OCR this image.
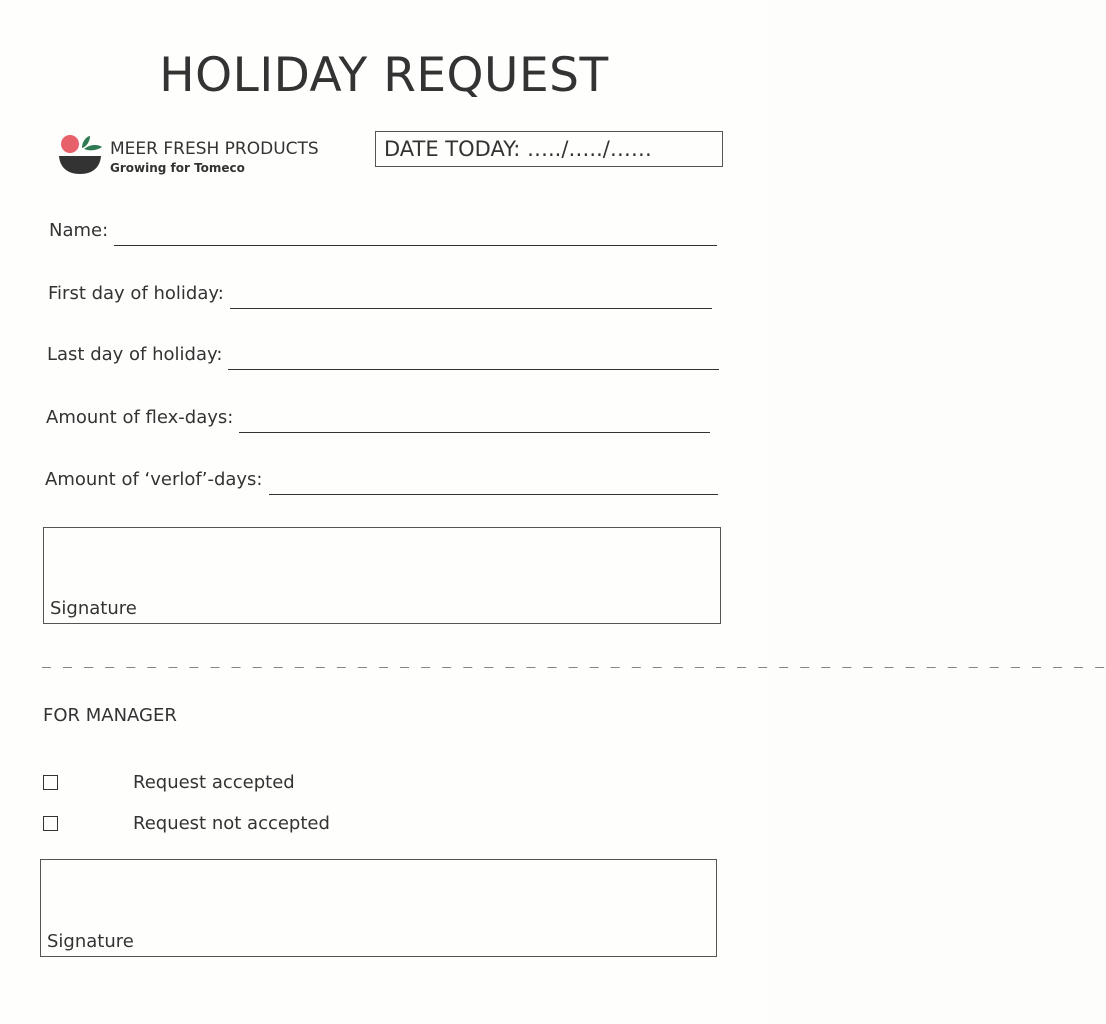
HOLIDAY REQUEST
MEER FRESH PRODUCTS
Growing for Tomeco
DATE TODAY: …../…../……
Name:
First day of holiday:
Last day of holiday:
Amount of flex-days:
Amount of ‘verlof’-days:
Signature
_ _ _ _ _ _ _ _ _ _ _ _ _ _ _ _ _ _ _ _ _ _ _ _ _ _ _ _ _ _ _ _ _ _ _ _ _ _ _ _ _ _ _ _ _ _ _ _ _ _ _
FOR MANAGER
Request accepted
Request not accepted
Signature
